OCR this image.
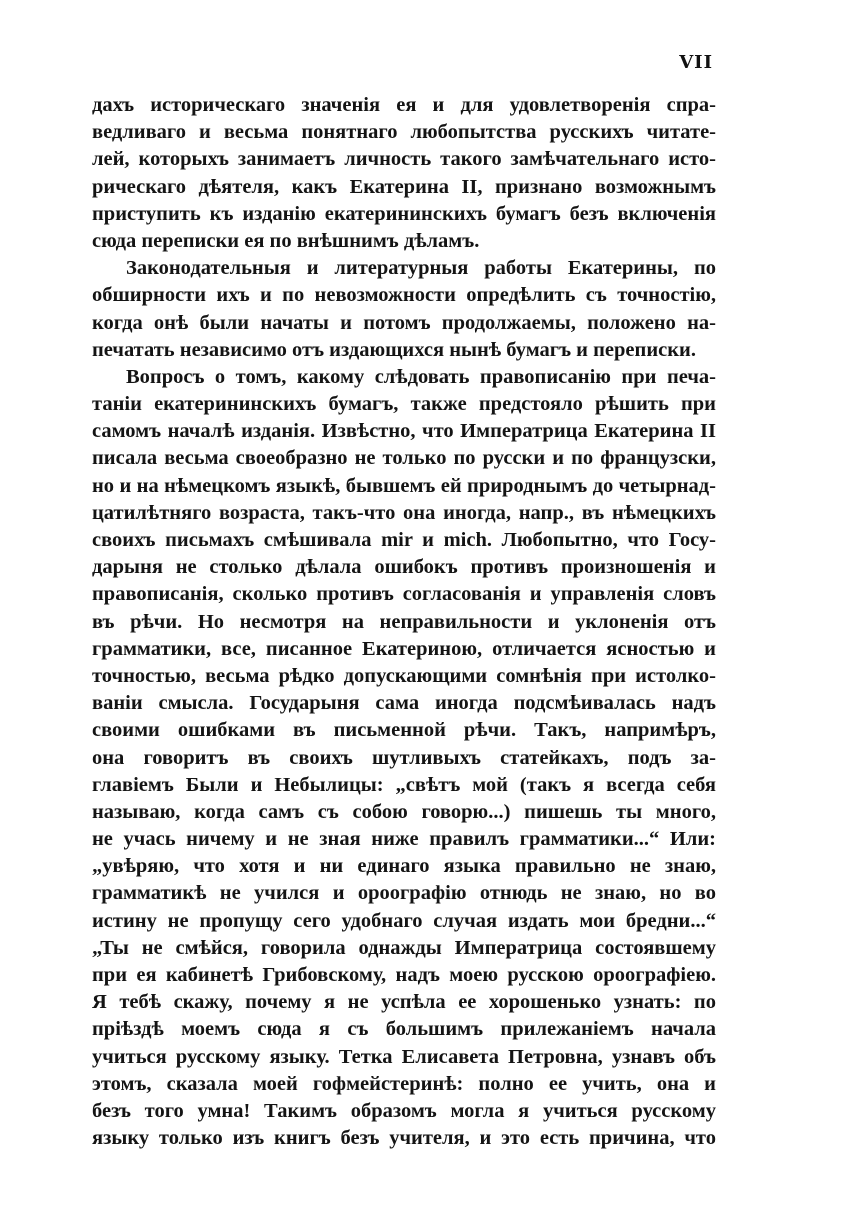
VII
дахъ историческаго значенія ея и для удовлетворенія спра-
ведливаго и весьма понятнаго любопытства русскихъ читате-
лей, которыхъ занимаетъ личность такого замѣчательнаго исто-
рическаго дѣятеля, какъ Екатерина II, признано возможнымъ
приступить къ изданію екатерининскихъ бумагъ безъ включенія
сюда переписки ея по внѣшнимъ дѣламъ.
Законодательныя и литературныя работы Екатерины, по
обширности ихъ и по невозможности опредѣлить съ точностію,
когда онѣ были начаты и потомъ продолжаемы, положено на-
печатать независимо отъ издающихся нынѣ бумагъ и переписки.
Вопросъ о томъ, какому слѣдовать правописанію при печа-
таніи екатерининскихъ бумагъ, также предстояло рѣшить при
самомъ началѣ изданія. Извѣстно, что Императрица Екатерина II
писала весьма своеобразно не только по русски и по французски,
но и на нѣмецкомъ языкѣ, бывшемъ ей природнымъ до четырнад-
цатилѣтняго возраста, такъ-что она иногда, напр., въ нѣмецкихъ
своихъ письмахъ смѣшивала mir и mich. Любопытно, что Госу-
дарыня не столько дѣлала ошибокъ противъ произношенія и
правописанія, сколько противъ согласованія и управленія словъ
въ рѣчи. Но несмотря на неправильности и уклоненія отъ
грамматики, все, писанное Екатериною, отличается ясностью и
точностью, весьма рѣдко допускающими сомнѣнія при истолко-
ваніи смысла. Государыня сама иногда подсмѣивалась надъ
своими ошибками въ письменной рѣчи. Такъ, напримѣръ,
она говоритъ въ своихъ шутливыхъ статейкахъ, подъ за-
главіемъ Были и Небылицы: „свѣтъ мой (такъ я всегда себя
называю, когда самъ съ собою говорю...) пишешь ты много,
не учась ничему и не зная ниже правилъ грамматики...“ Или:
„увѣряю, что хотя и ни единаго языка правильно не знаю,
грамматикѣ не учился и ороографію отнюдь не знаю, но во
истину не пропущу сего удобнаго случая издать мои бредни...“
„Ты не смѣйся, говорила однажды Императрица состоявшему
при ея кабинетѣ Грибовскому, надъ моею русскою ороографіею.
Я тебѣ скажу, почему я не успѣла ее хорошенько узнать: по
пріѣздѣ моемъ сюда я съ большимъ прилежаніемъ начала
учиться русскому языку. Тетка Елисавета Петровна, узнавъ объ
этомъ, сказала моей гофмейстеринѣ: полно ее учить, она и
безъ того умна! Такимъ образомъ могла я учиться русскому
языку только изъ книгъ безъ учителя, и это есть причина, что
